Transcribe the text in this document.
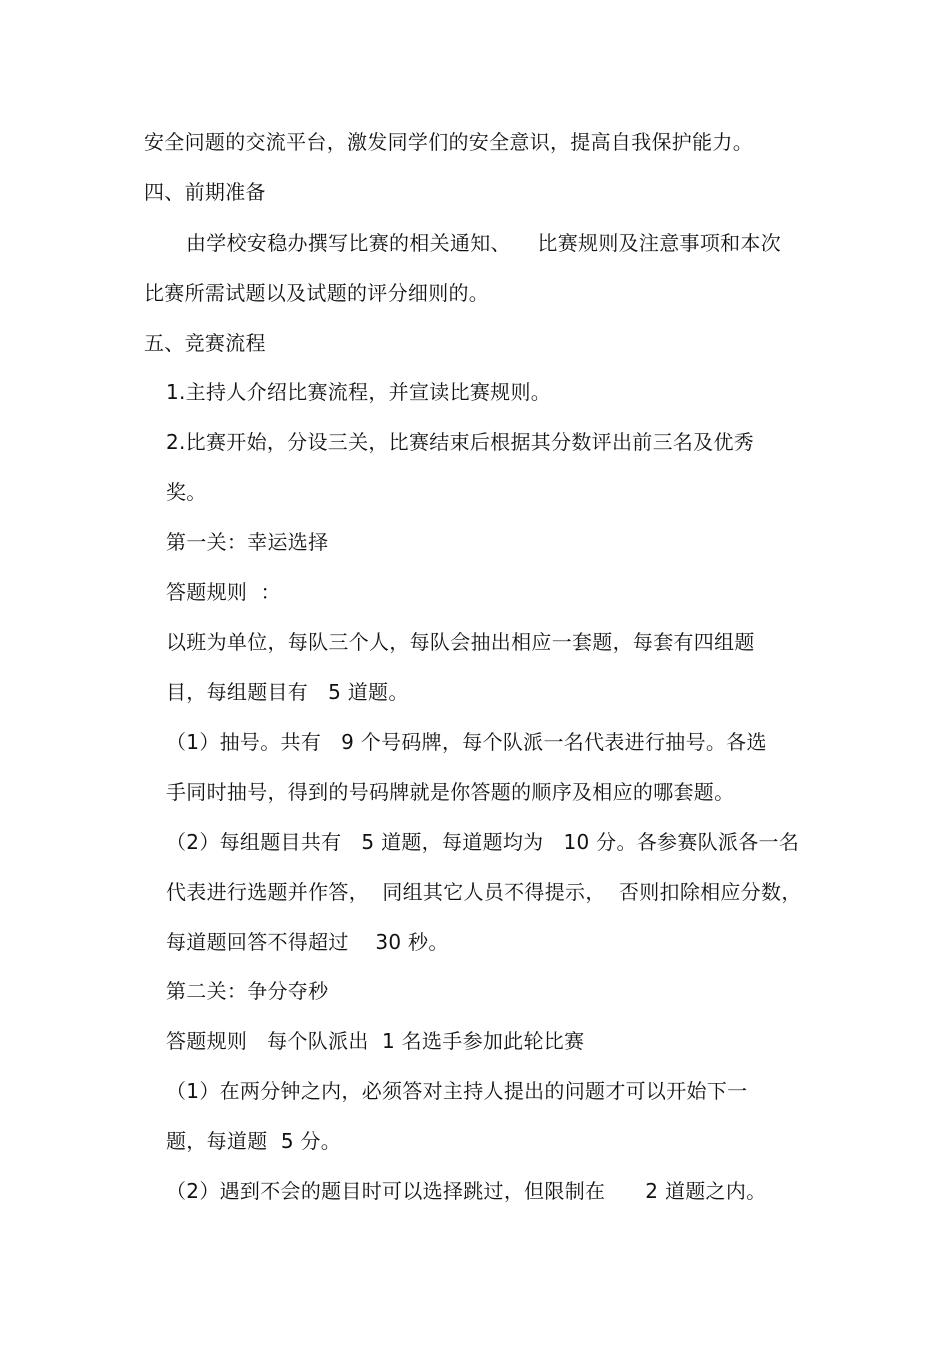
安全问题的交流平台，激发同学们的安全意识，提高自我保护能力。
四、前期准备
由学校安稳办撰写比赛的相关通知、    比赛规则及注意事项和本次
比赛所需试题以及试题的评分细则的。
五、竞赛流程
1.主持人介绍比赛流程，并宣读比赛规则。
2.比赛开始，分设三关，比赛结束后根据其分数评出前三名及优秀
奖。
第一关：幸运选择
答题规则  ：
以班为单位，每队三个人，每队会抽出相应一套题，每套有四组题
目，每组题目有   5 道题。
（1）抽号。共有   9 个号码牌，每个队派一名代表进行抽号。各选
手同时抽号，得到的号码牌就是你答题的顺序及相应的哪套题。
（2）每组题目共有   5 道题，每道题均为   10 分。各参赛队派各一名
代表进行选题并作答，  同组其它人员不得提示，  否则扣除相应分数，
每道题回答不得超过    30 秒。
第二关：争分夺秒
答题规则   每个队派出  1 名选手参加此轮比赛
（1）在两分钟之内，必须答对主持人提出的问题才可以开始下一
题，每道题  5 分。
（2）遇到不会的题目时可以选择跳过，但限制在      2 道题之内。
